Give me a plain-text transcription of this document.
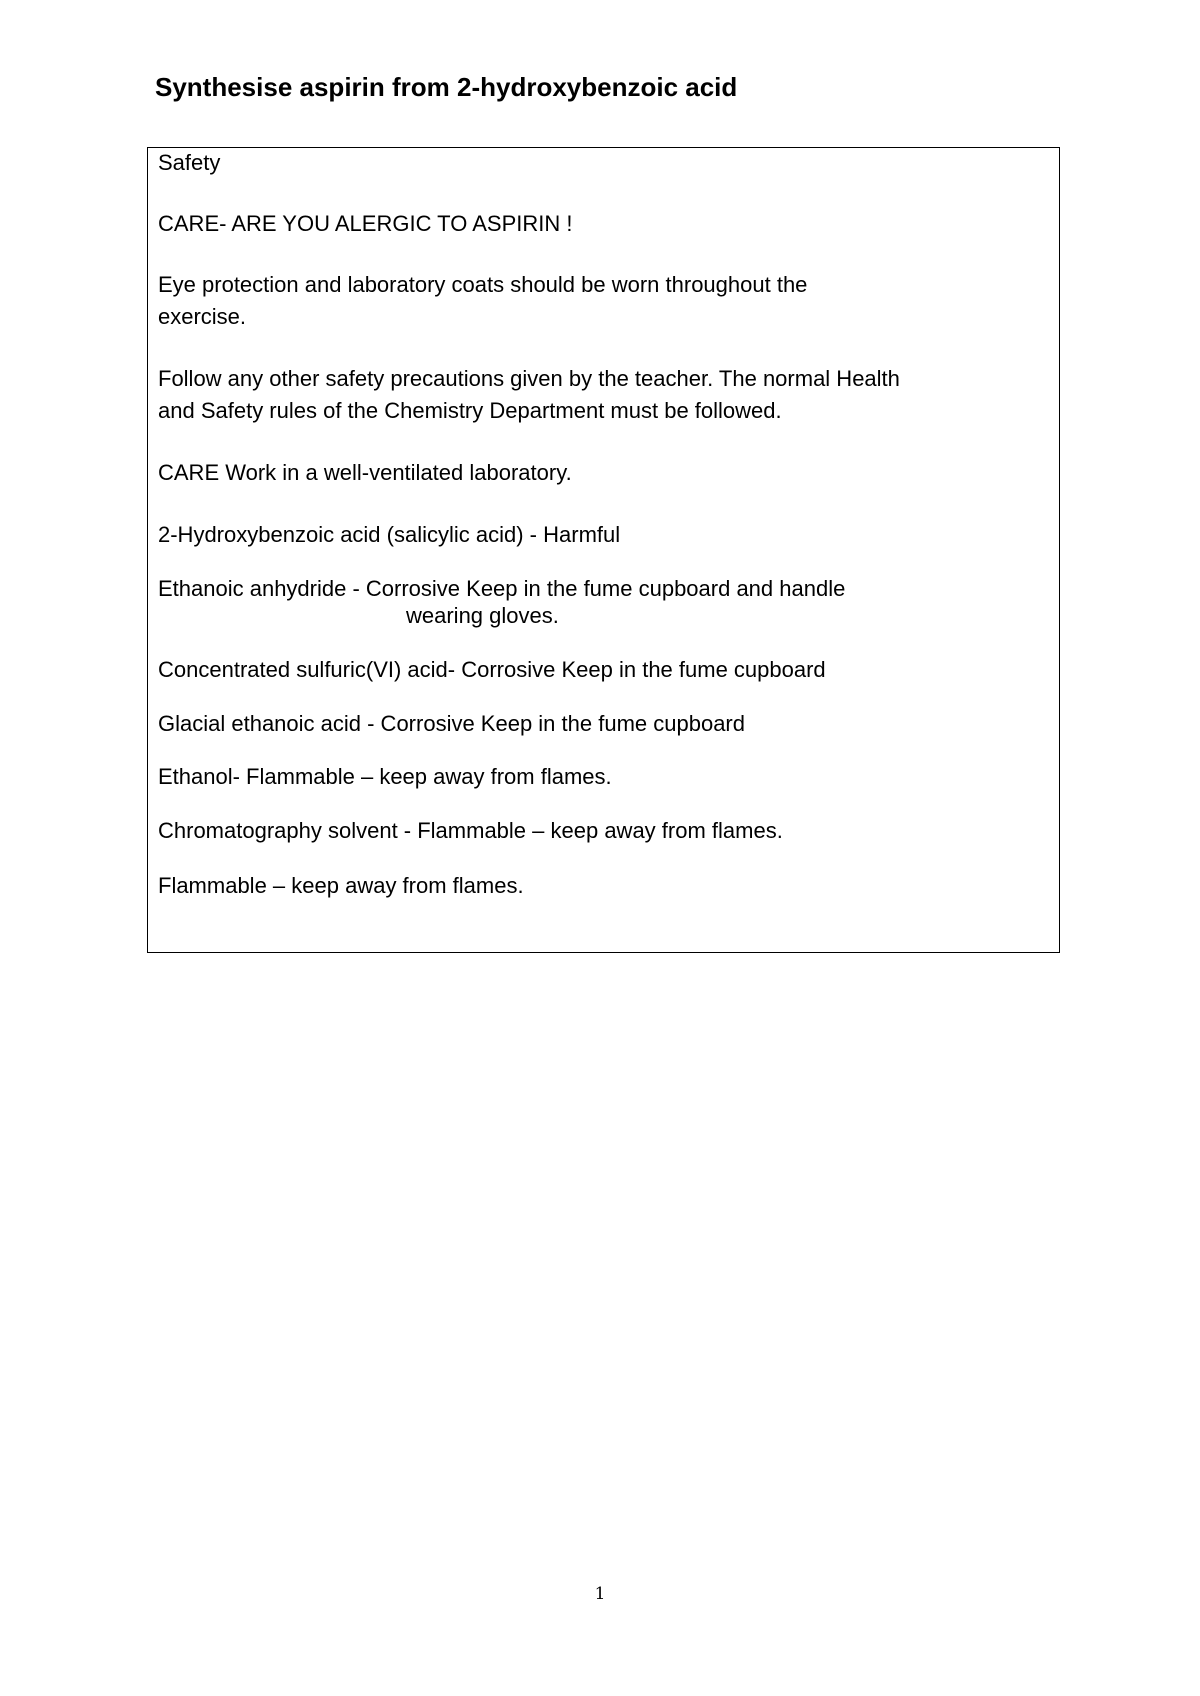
Synthesise aspirin from 2-hydroxybenzoic acid

Safety

CARE- ARE YOU ALERGIC TO ASPIRIN !

Eye protection and laboratory coats should be worn throughout the

exercise.

Follow any other safety precautions given by the teacher. The normal Health

and Safety rules of the Chemistry Department must be followed.

CARE Work in a well-ventilated laboratory.

2-Hydroxybenzoic acid (salicylic acid) - Harmful

Ethanoic anhydride - Corrosive Keep in the fume cupboard and handle

wearing gloves.

Concentrated sulfuric(VI) acid- Corrosive Keep in the fume cupboard

Glacial ethanoic acid - Corrosive Keep in the fume cupboard

Ethanol- Flammable – keep away from flames.

Chromatography solvent - Flammable – keep away from flames.

Flammable – keep away from flames.

1
